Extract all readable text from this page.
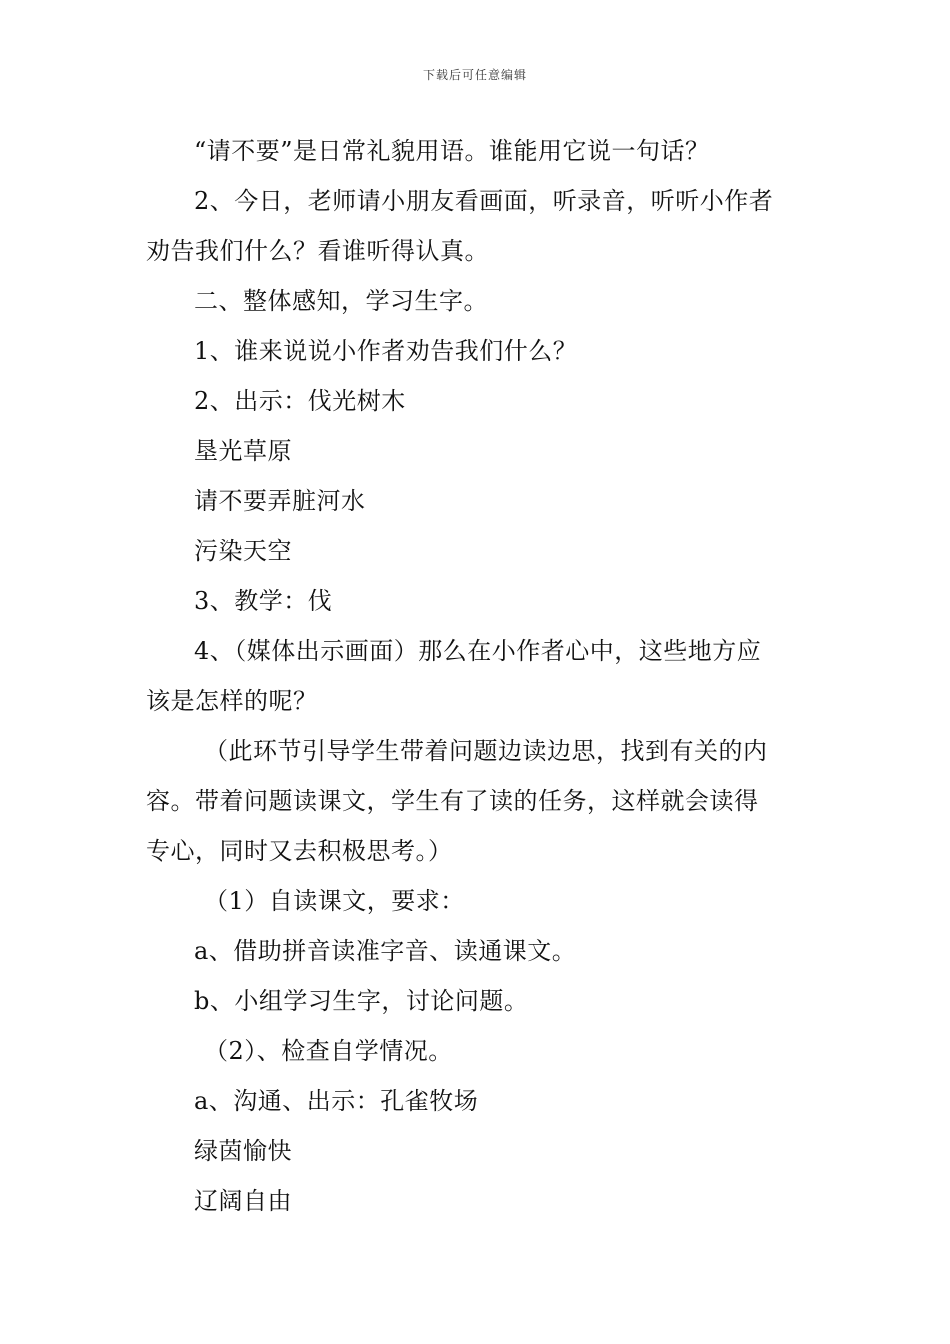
下载后可任意编辑
“请不要”是日常礼貌用语。谁能用它说一句话？
2、今日，老师请小朋友看画面，听录音，听听小作者
劝告我们什么？看谁听得认真。
二、整体感知，学习生字。
1、谁来说说小作者劝告我们什么？
2、出示：伐光树木
垦光草原
请不要弄脏河水
污染天空
3、教学：伐
4、（媒体出示画面）那么在小作者心中，这些地方应
该是怎样的呢？
（此环节引导学生带着问题边读边思，找到有关的内
容。带着问题读课文，学生有了读的任务，这样就会读得
专心，同时又去积极思考。）
（1）自读课文，要求：
a、借助拼音读准字音、读通课文。
b、小组学习生字，讨论问题。
（2）、检查自学情况。
a、沟通、出示：孔雀牧场
绿茵愉快
辽阔自由
